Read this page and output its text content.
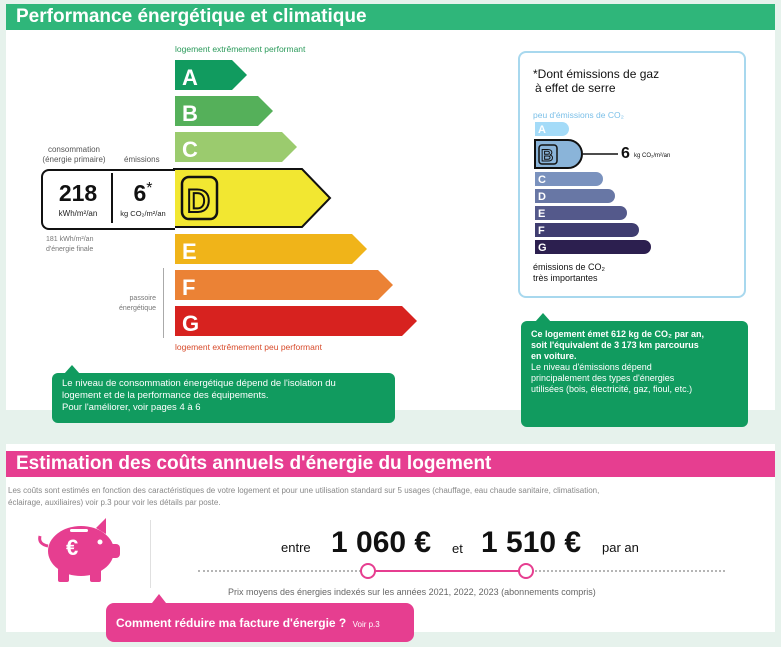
Performance énergétique et climatique
logement extrêmement performant
logement extrêmement peu performant
A
B
C
E
F
G
D
consommation
(énergie primaire) émissions
218
kWh/m²/an
6*
kg CO₂/m²/an
181 kWh/m²/an
d'énergie finale
passoire
énergétique
Le niveau de consommation énergétique dépend de l'isolation du
logement et de la performance des équipements.
Pour l'améliorer, voir pages 4 à 6
*Dont émissions de gaz
à effet de serre
peu d'émissions de CO₂
A
B
C
D
E
F
G
6 kg CO₂/m²/an
émissions de CO₂
très importantes
Ce logement émet 612 kg de CO₂ par an,
soit l'équivalent de 3 173 km parcourus
en voiture.
Le niveau d'émissions dépend
principalement des types d'énergies
utilisées (bois, électricité, gaz, fioul, etc.)
Estimation des coûts annuels d'énergie du logement
Les coûts sont estimés en fonction des caractéristiques de votre logement et pour une utilisation standard sur 5 usages (chauffage, eau chaude sanitaire, climatisation,
éclairage, auxiliaires) voir p.3 pour voir les détails par poste.
€	entre 1 060 € et 1 510 € par an
Prix moyens des énergies indexés sur les années 2021, 2022, 2023 (abonnements compris)
Comment réduire ma facture d'énergie ? Voir p.3
